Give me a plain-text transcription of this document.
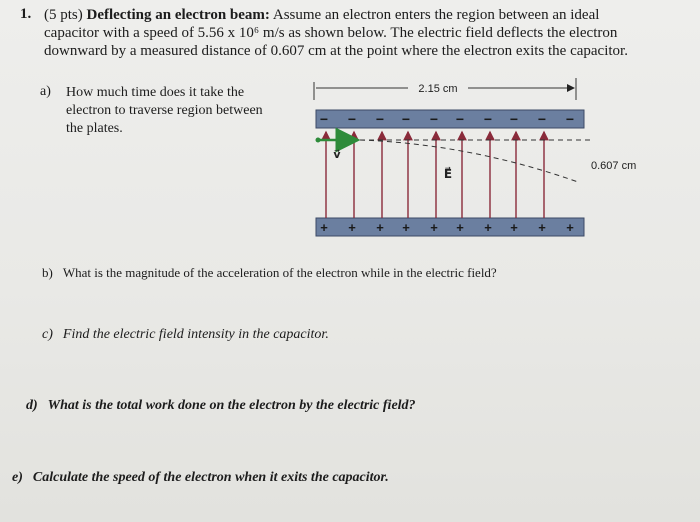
1. (5 pts) Deflecting an electron beam: Assume an electron enters the region between an ideal capacitor with a speed of 5.56 x 10⁶ m/s as shown below. The electric field deflects the electron downward by a measured distance of 0.607 cm at the point where the electron exits the capacitor.
a) How much time does it take the electron to traverse region between the plates.
b) What is the magnitude of the acceleration of the electron while in the electric field?
c) Find the electric field intensity in the capacitor.
d) What is the total work done on the electron by the electric field?
e) Calculate the speed of the electron when it exits the capacitor.
2.15 cm
− − − − − − − − − −
+ + + + + + + + + +
v⃗
E⃗
0.607 cm
